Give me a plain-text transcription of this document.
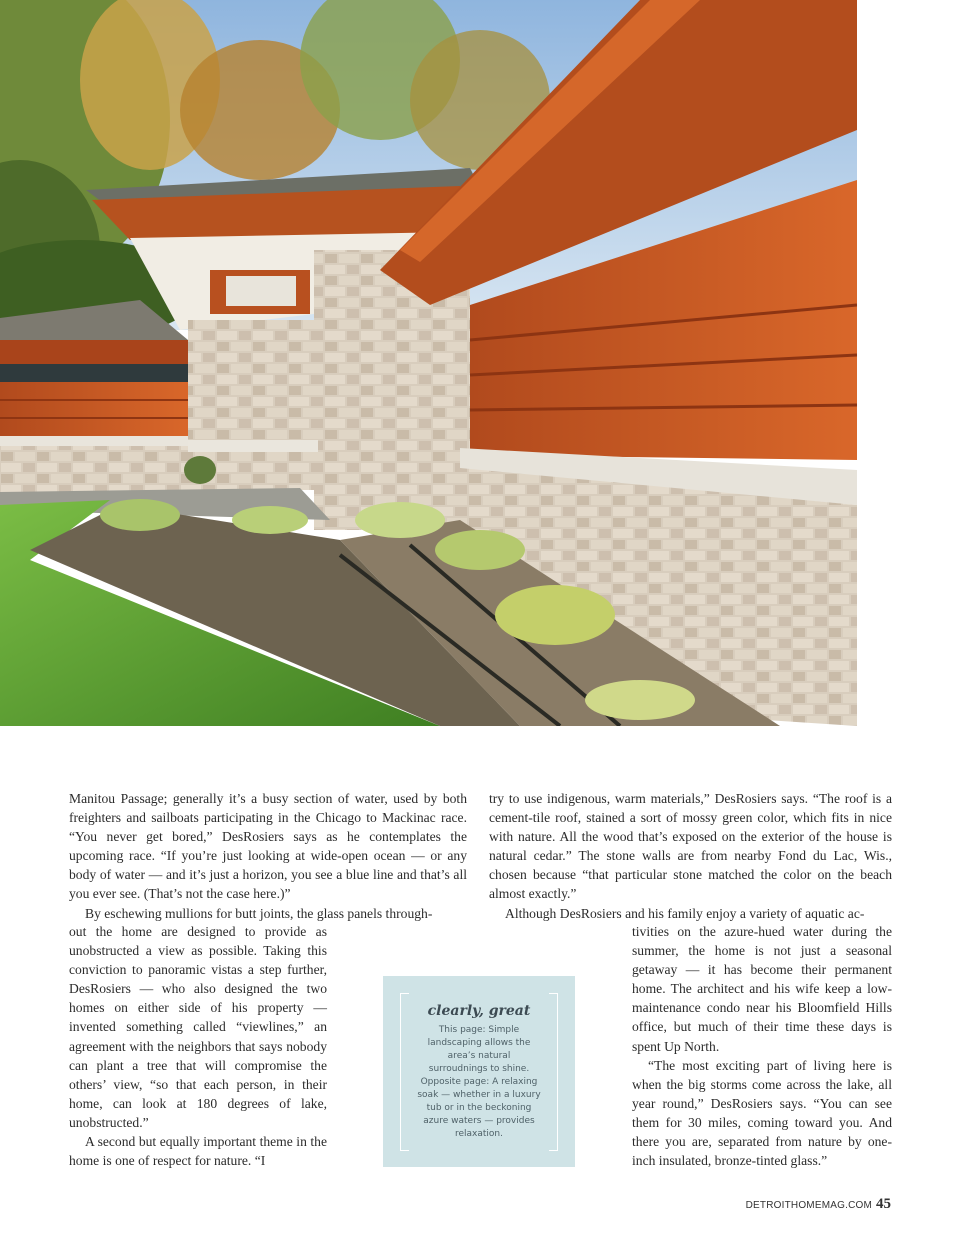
Manitou Passage; generally it’s a busy section of water, used by both freighters and sailboats participating in the Chicago to Mackinac race. “You never get bored,” DesRosiers says as he contemplates the upcoming race. “If you’re just looking at wide-open ocean — or any body of water — and it’s just a horizon, you see a blue line and that’s all you ever see. (That’s not the case here.)”

By eschewing mullions for butt joints, the glass panels through-

out the home are designed to provide as unobstructed a view as possible. Taking this conviction to panoramic vistas a step further, DesRosiers — who also designed the two homes on either side of his property — invented something called “viewlines,” an agreement with the neighbors that says nobody can plant a tree that will compromise the others’ view, “so that each person, in their home, can look at 180 degrees of lake, unobstructed.”

A second but equally important theme in the home is one of respect for nature. “I

try to use indigenous, warm materials,” DesRosiers says. “The roof is a cement-tile roof, stained a sort of mossy green color, which fits in nice with nature. All the wood that’s exposed on the exterior of the house is natural cedar.” The stone walls are from nearby Fond du Lac, Wis., chosen because “that particular stone matched the color on the beach almost exactly.”

Although DesRosiers and his family enjoy a variety of aquatic ac-

tivities on the azure-hued water during the summer, the home is not just a seasonal getaway — it has become their permanent home. The architect and his wife keep a low-maintenance condo near his Bloomfield Hills office, but much of their time these days is spent Up North.

“The most exciting part of living here is when the big storms come across the lake, all year round,” DesRosiers says. “You can see them for 30 miles, coming toward you. And there you are, separated from nature by one-inch insulated, bronze-tinted glass.”

clearly, great
This page: Simple landscaping allows the area’s natural surroudnings to shine. Opposite page: A relaxing soak — whether in a luxury tub or in the beckoning azure waters — provides relaxation.
DETROITHOMEMAG.COM 45
